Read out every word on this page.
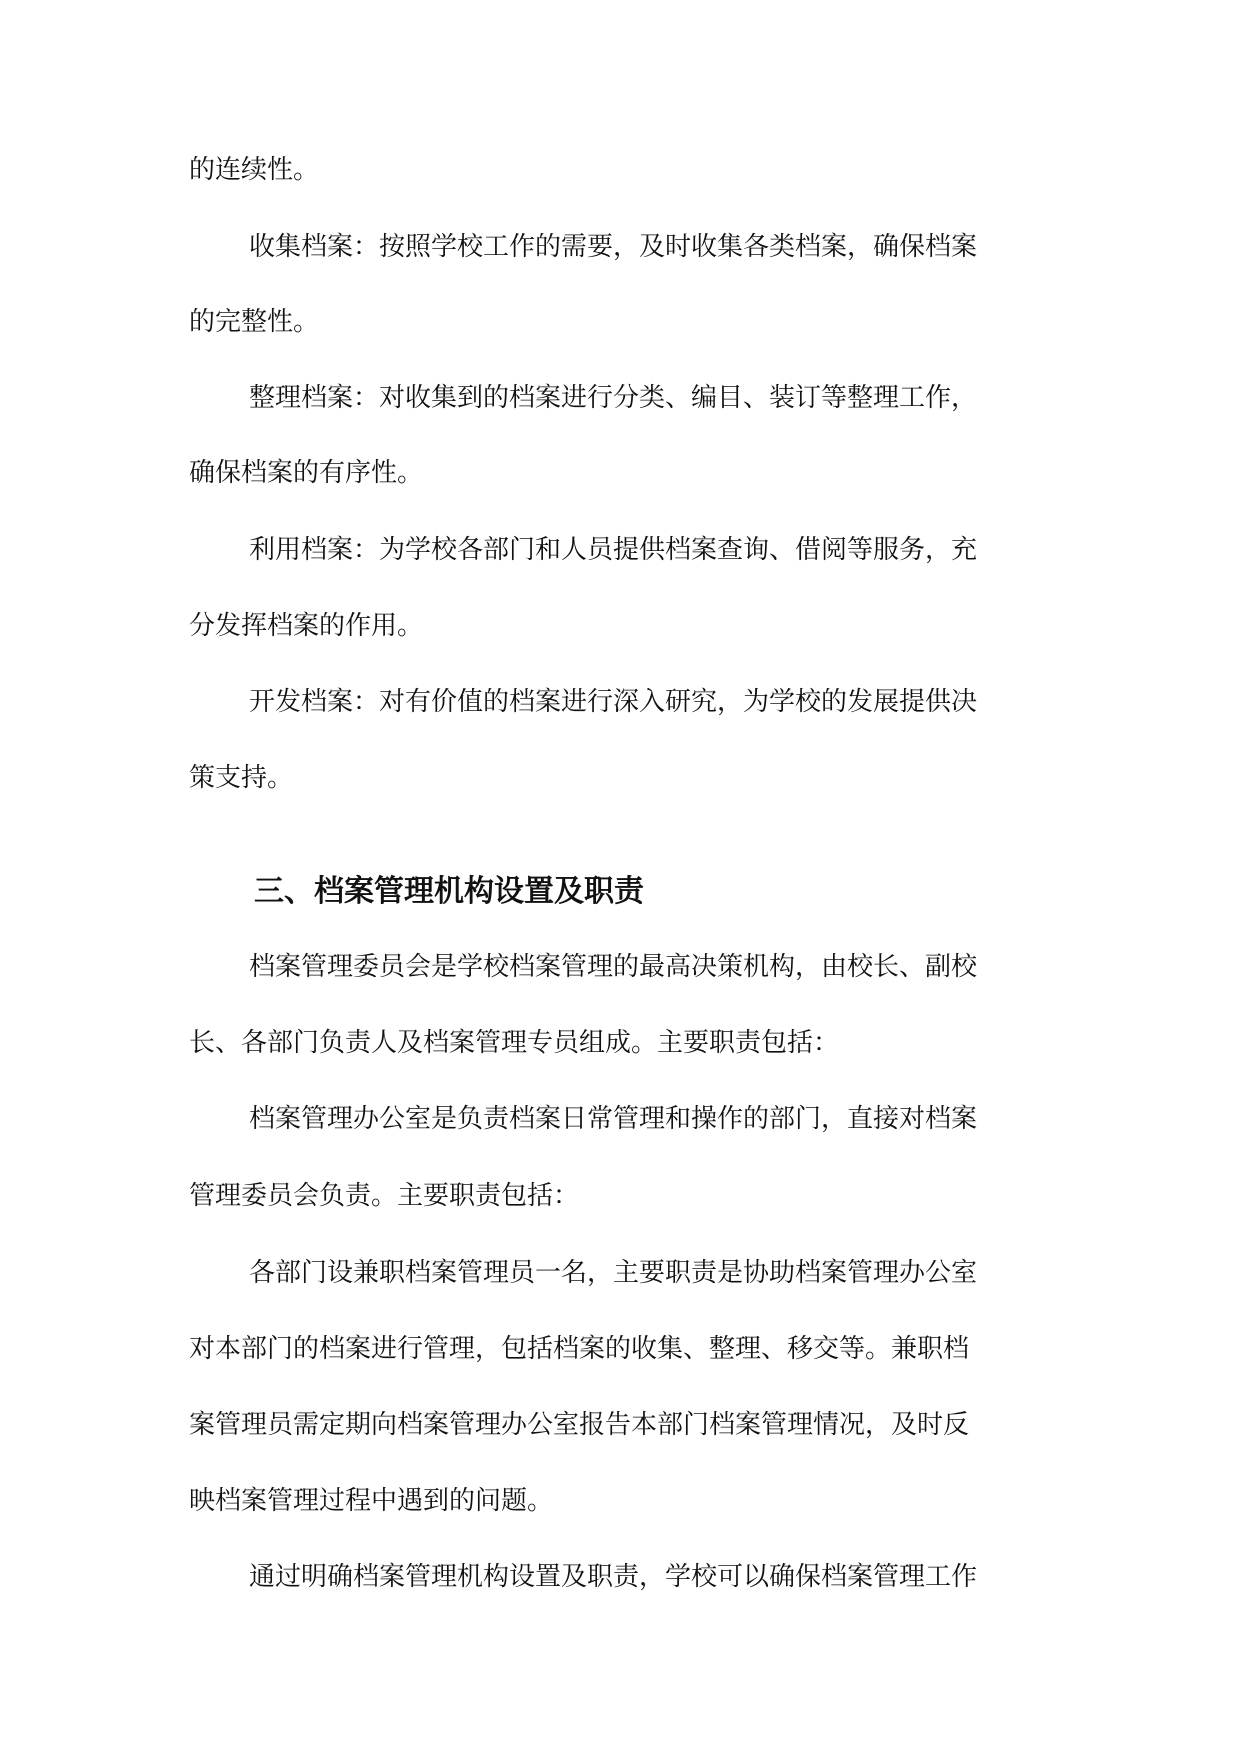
的连续性。
收集档案：按照学校工作的需要，及时收集各类档案，确保档案
的完整性。
整理档案：对收集到的档案进行分类、编目、装订等整理工作，
确保档案的有序性。
利用档案：为学校各部门和人员提供档案查询、借阅等服务，充
分发挥档案的作用。
开发档案：对有价值的档案进行深入研究，为学校的发展提供决
策支持。
三、档案管理机构设置及职责
档案管理委员会是学校档案管理的最高决策机构，由校长、副校
长、各部门负责人及档案管理专员组成。主要职责包括：
档案管理办公室是负责档案日常管理和操作的部门，直接对档案
管理委员会负责。主要职责包括：
各部门设兼职档案管理员一名，主要职责是协助档案管理办公室
对本部门的档案进行管理，包括档案的收集、整理、移交等。兼职档
案管理员需定期向档案管理办公室报告本部门档案管理情况，及时反
映档案管理过程中遇到的问题。
通过明确档案管理机构设置及职责，学校可以确保档案管理工作
